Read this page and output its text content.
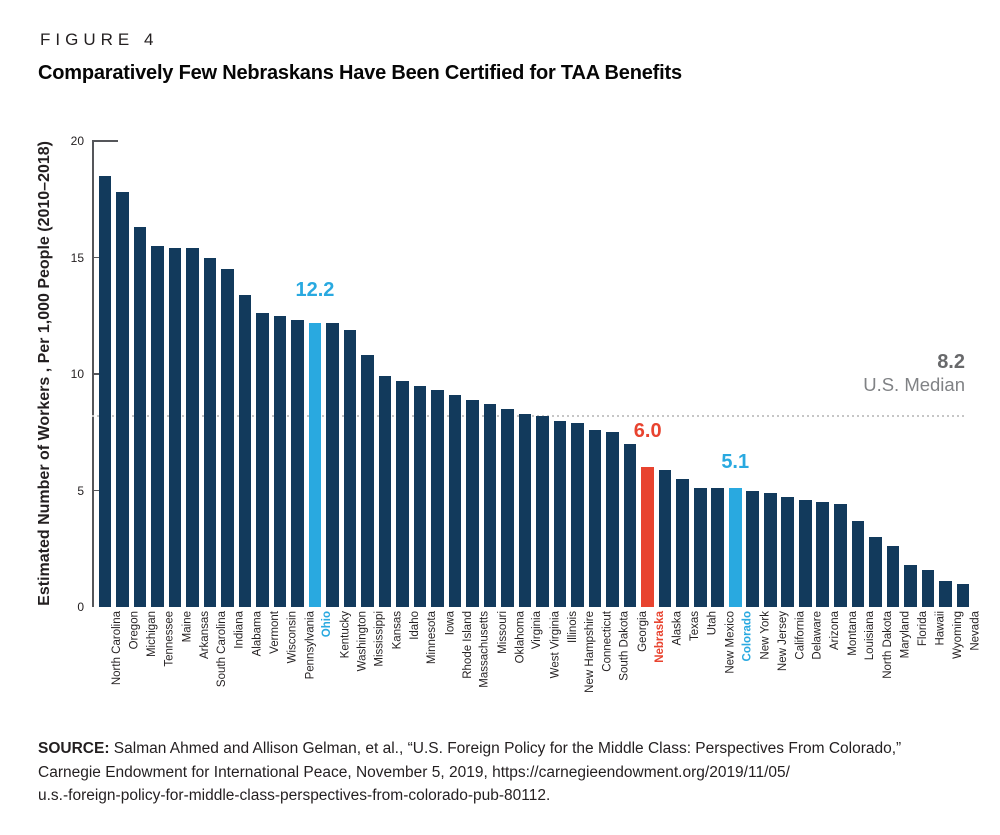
FIGURE 4
Comparatively Few Nebraskans Have Been Certified for TAA Benefits
Estimated Number of Workers , Per 1,000 People (2010–2018)	8.2
U.S. Median
0
5
10
15
20
North Carolina Oregon Michigan Tennessee Maine Arkansas South Carolina Indiana Alabama Vermont Wisconsin Pennsylvania Ohio Kentucky Washington Mississippi Kansas Idaho Minnesota Iowa Rhode Island Massachusetts Missouri Oklahoma Virginia West Virginia Illinois New Hampshire Connecticut South Dakota Georgia Nebraska Alaska Texas Utah New Mexico Colorado New York New Jersey California Delaware Arizona Montana Louisiana North Dakota Maryland Florida Hawaii Wyoming Nevada
12.2
6.0
5.1
SOURCE: Salman Ahmed and Allison Gelman, et al., “U.S. Foreign Policy for the Middle Class: Perspectives From Colorado,”
Carnegie Endowment for International Peace, November 5, 2019, https://carnegieendowment.org/2019/11/05/
u.s.-foreign-policy-for-middle-class-perspectives-from-colorado-pub-80112.
